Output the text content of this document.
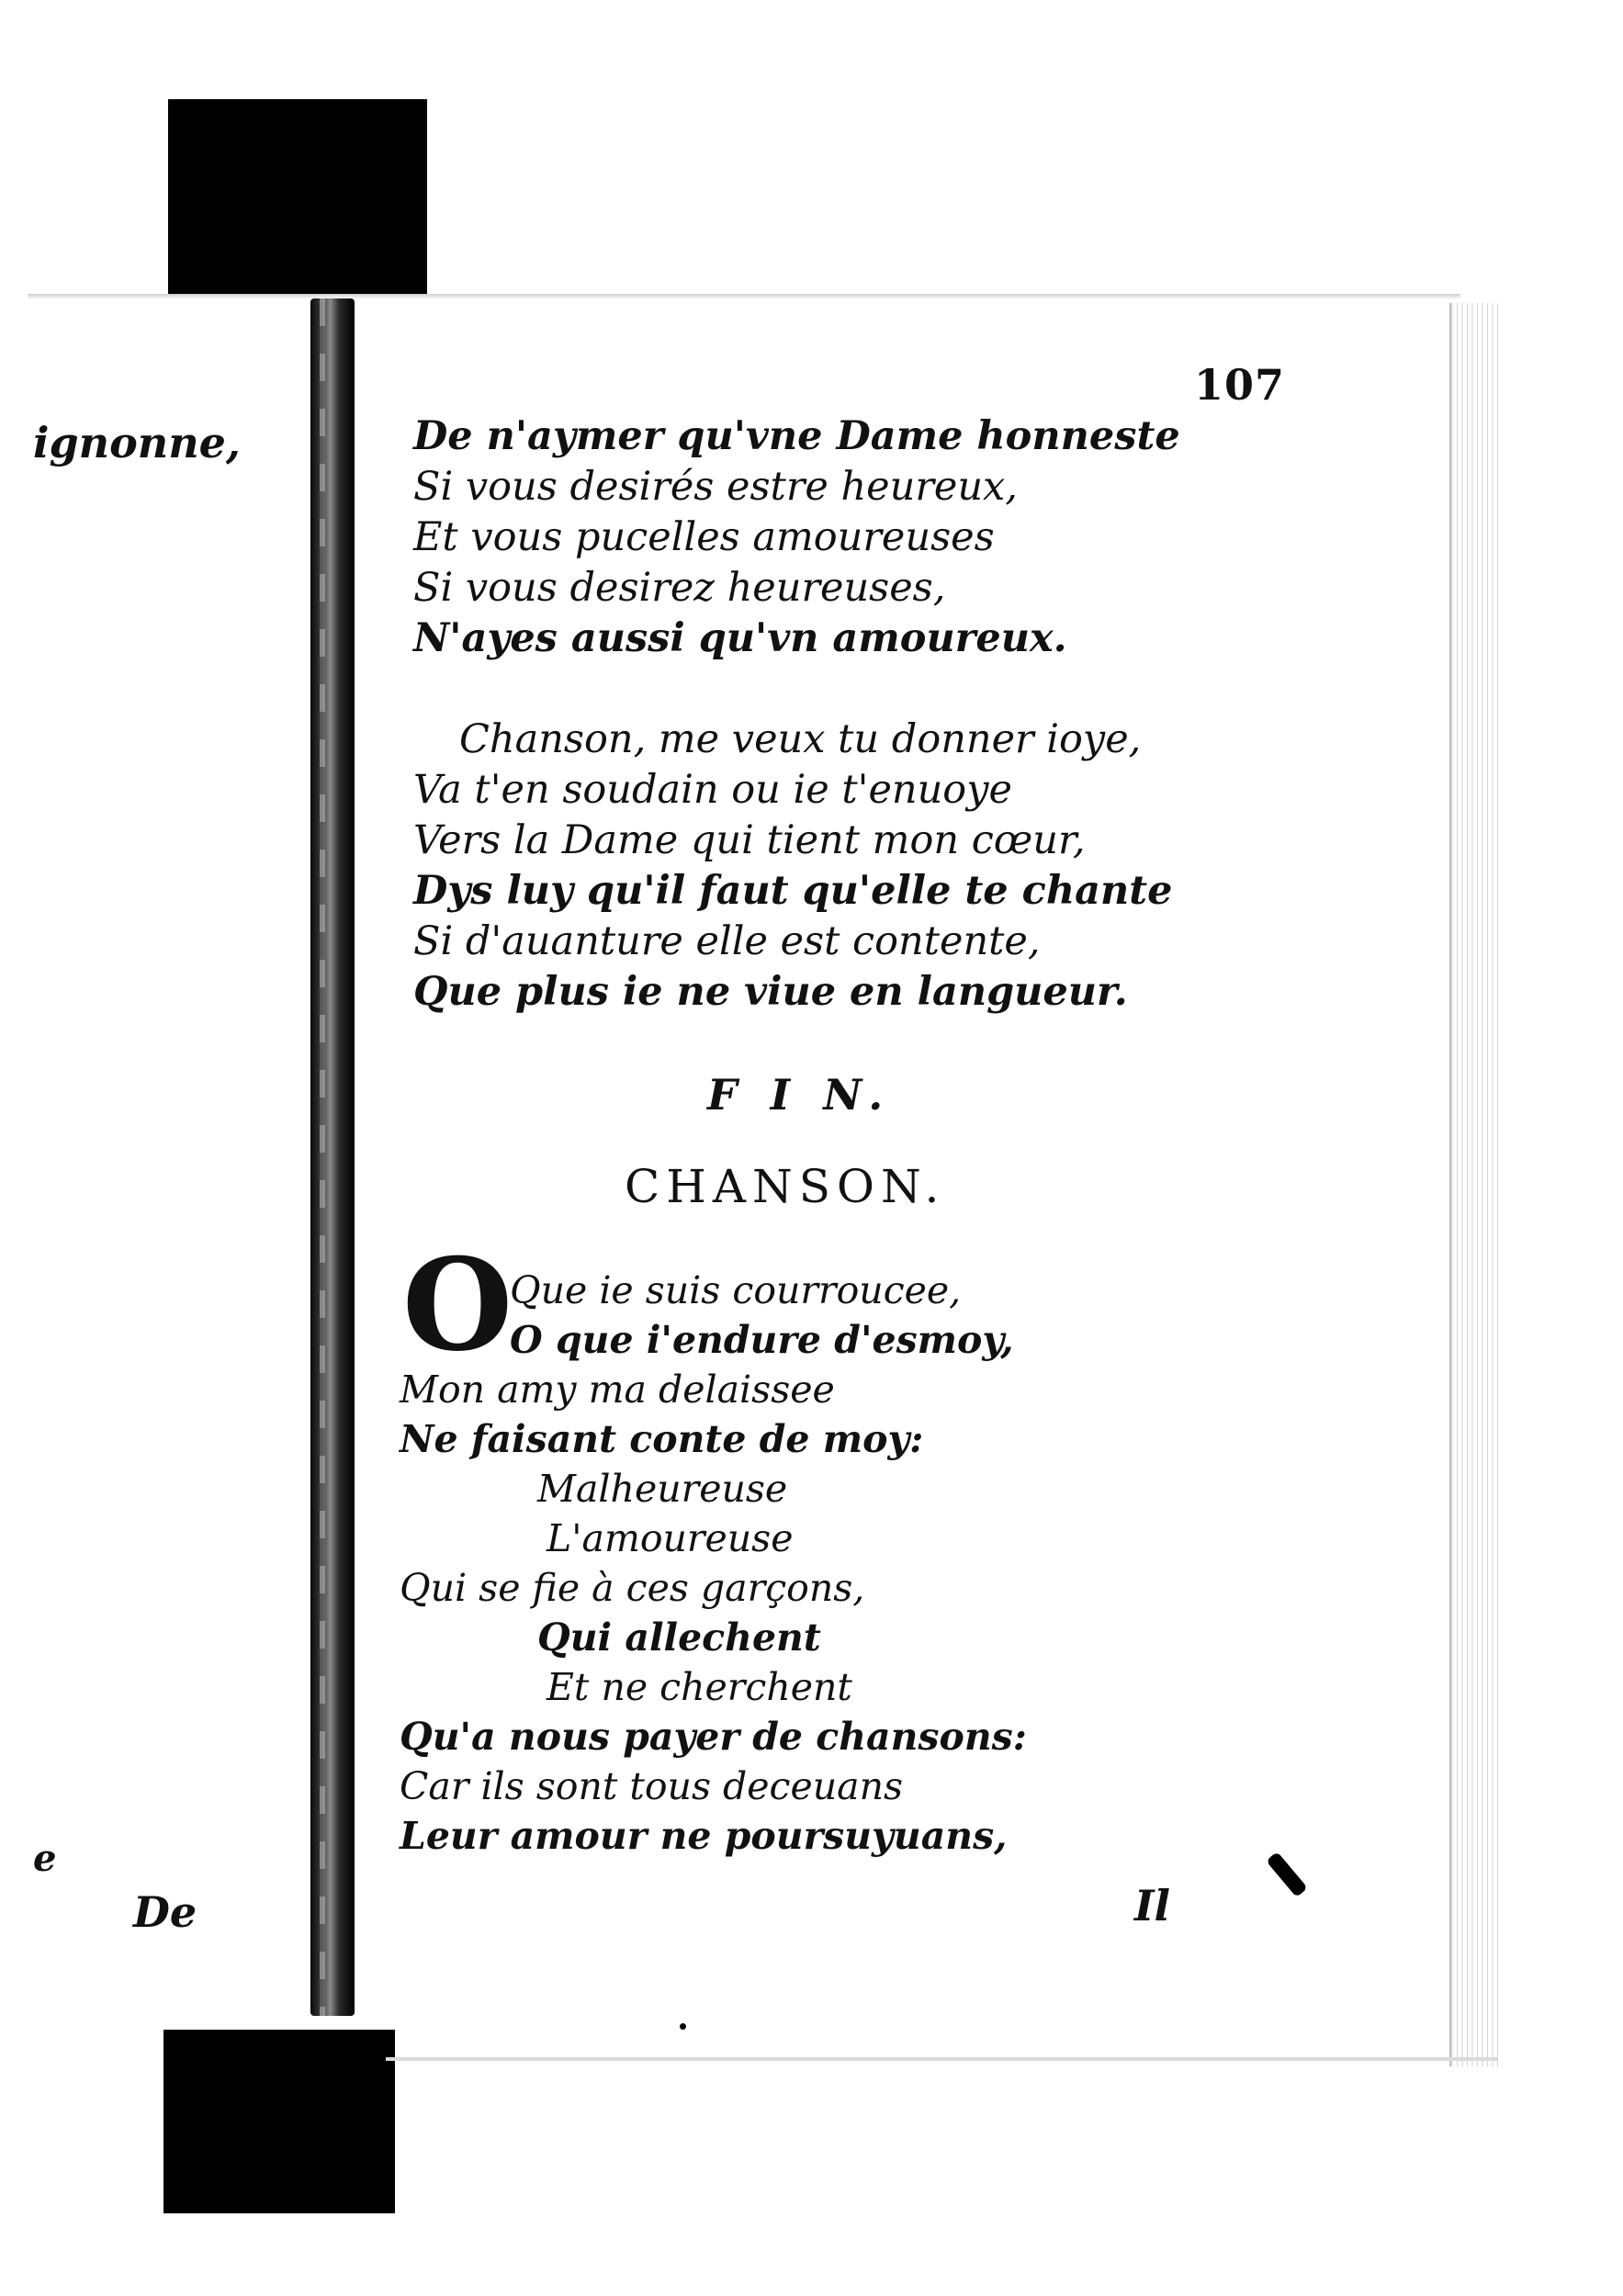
ignonne,
e
De
107
De n'aymer qu'vne Dame honneste
Si vous desirés estre heureux,
Et vous pucelles amoureuses
Si vous desirez heureuses,
N'ayes aussi qu'vn amoureux.
Chanson, me veux tu donner ioye,
Va t'en soudain ou ie t'enuoye
Vers la Dame qui tient mon cœur,
Dys luy qu'il faut qu'elle te chante
Si d'auanture elle est contente,
Que plus ie ne viue en langueur.
F I N.
CHANSON.
O
Que ie suis courroucee,
O que i'endure d'esmoy,
Mon amy ma delaissee
Ne faisant conte de moy:
Malheureuse
L'amoureuse
Qui se fie à ces garçons,
Qui allechent
Et ne cherchent
Qu'a nous payer de chansons:
Car ils sont tous deceuans
Leur amour ne poursuyuans,
Il
